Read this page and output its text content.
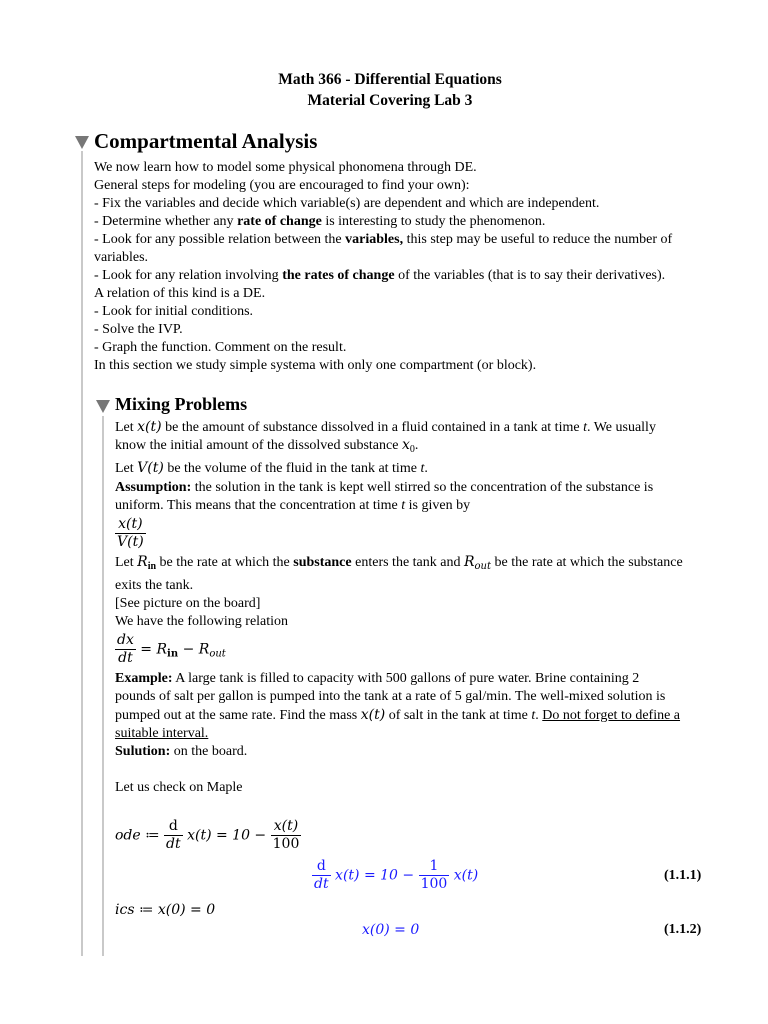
Math 366 - Differential Equations
Material Covering Lab 3
Compartmental Analysis
We now learn how to model some physical phonomena through DE.
General steps for modeling (you are encouraged to find your own):
- Fix the variables and decide which variable(s) are dependent and which are independent.
- Determine whether any rate of change is interesting to study the phenomenon.
- Look for any possible relation between the variables, this step may be useful to reduce the number of
variables.
- Look for any relation involving the rates of change of the variables (that is to say their derivatives).
A relation of this kind is a DE.
- Look for initial conditions.
- Solve the IVP.
- Graph the function. Comment on the result.
In this section we study simple systema with only one compartment (or block).
Mixing Problems
Let x(t) be the amount of substance dissolved in a fluid contained in a tank at time t. We usually
know the initial amount of the dissolved substance $x_0$.
Let V(t) be the volume of the fluid in the tank at time t.
Assumption: the solution in the tank is kept well stirred so the concentration of the substance is
uniform. This means that the concentration at time t is given by
$\frac{x(t)}{V(t)}$
Let $R_{in}$ be the rate at which the substance enters the tank and $R_{out}$ be the rate at which the substance
exits the tank.
[See picture on the board]
We have the following relation
$\frac{dx}{dt} = R_{in} - R_{out}$
Example: A large tank is filled to capacity with 500 gallons of pure water. Brine containing 2
pounds of salt per gallon is pumped into the tank at a rate of 5 gal/min. The well-mixed solution is
pumped out at the same rate. Find the mass x(t) of salt in the tank at time t. Do not forget to define a
suitable interval.
Sulution: on the board.
Let us check on Maple
ode ≔ $\frac{d}{dt} x(t) = 10 - \frac{x(t)}{100}$
$\frac{d}{dt} x(t) = 10 - \frac{1}{100} x(t)$	(1.1.1)
ics ≔ x(0) = 0
x(0) = 0	(1.1.2)
